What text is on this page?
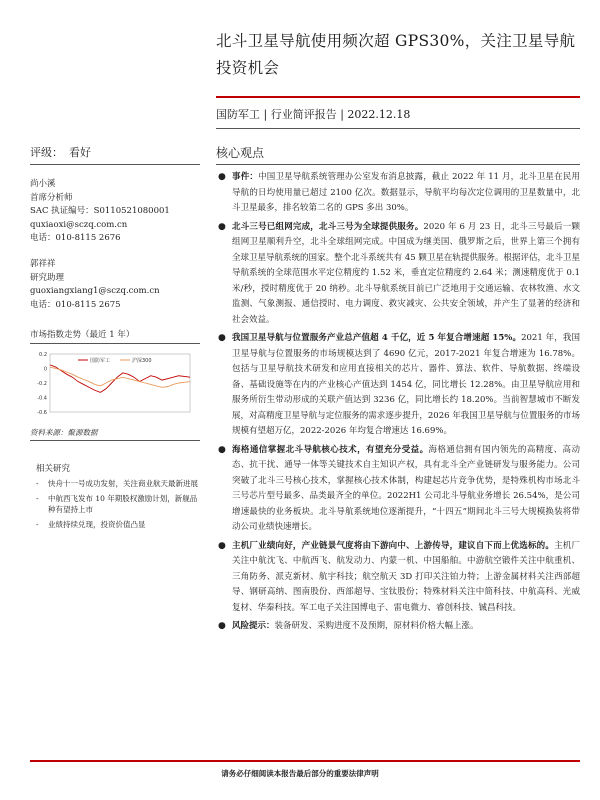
北斗卫星导航使用频次超 GPS30%，关注卫星导航投资机会
国防军工 | 行业简评报告 | 2022.12.18
评级： 看好	核心观点
尚小溪
首席分析师
SAC 执证编号：S0110521080001
quxiaoxi@sczq.com.cn
电话：010-8115 2676
郭祥祥
研究助理
guoxiangxiang1@sczq.com.cn
电话：010-8115 2675
市场指数走势（最近 1 年）
0.2
0
-0.2
-0.4
-0.6
国防军工	沪深300
资料来源：聚源数据
相关研究
- 快舟十一号成功发射，关注商业航天最新进展
- 中航西飞发布 10 年期股权激励计划，新舰品种有望持上市
- 业绩持续兑现，投资价值凸显
● 事件：中国卫星导航系统管理办公室发布消息披露，截止 2022 年 11 月，北斗卫星在民用导航的日均使用量已超过 2100 亿次。数据显示，导航平均每次定位调用的卫星数量中，北斗卫星最多，排名较第二名的 GPS 多出 30%。
● 北斗三号已组网完成，北斗三号为全球提供服务。2020 年 6 月 23 日，北斗三号最后一颗组网卫星顺利升空，北斗全球组网完成。中国成为继美国、俄罗斯之后，世界上第三个拥有全球卫星导航系统的国家。整个北斗系统共有 45 颗卫星在轨提供服务。根据评估，北斗卫星导航系统的全球范围水平定位精度约 1.52 米，垂直定位精度约 2.64 米；测速精度优于 0.1 米/秒，授时精度优于 20 纳秒。北斗导航系统目前已广泛地用于交通运输、农林牧渔、水文监测、气象测报、通信授时、电力调度、救灾减灾、公共安全领域，并产生了显著的经济和社会效益。
● 我国卫星导航与位置服务产业总产值超 4 千亿，近 5 年复合增速超 15%。2021 年，我国卫星导航与位置服务的市场规模达到了 4690 亿元，2017-2021 年复合增速为 16.78%。包括与卫星导航技术研发和应用直接相关的芯片、器件、算法、软件、导航数据、终端设备、基础设施等在内的产业核心产值达到 1454 亿，同比增长 12.28%。由卫星导航应用和服务所衍生带动形成的关联产值达到 3236 亿，同比增长约 18.20%。当前智慧城市不断发展，对高精度卫星导航与定位服务的需求逐步提升，2026 年我国卫星导航与位置服务的市场规模有望超万亿，2022-2026 年均复合增速达 16.69%。
● 海格通信掌握北斗导航核心技术，有望充分受益。海格通信拥有国内领先的高精度、高动态、抗干扰、通导一体等关键技术自主知识产权，具有北斗全产业链研发与服务能力。公司突破了北斗三号核心技术，掌握核心技术体制，构建起芯片竞争优势，是特殊机构市场北斗三号芯片型号最多、品类最齐全的单位。2022H1 公司北斗导航业务增长 26.54%，是公司增速最快的业务板块。北斗导航系统地位逐渐提升，“十四五”期间北斗三号大规模换装将带动公司业绩快速增长。
● 主机厂业绩向好，产业链景气度将由下游向中、上游传导，建议自下而上优选标的。主机厂关注中航沈飞、中航西飞、航发动力、内蒙一机、中国船舶。中游航空锻件关注中航重机、三角防务、派克新材、航宇科技；航空航天 3D 打印关注铂力特；上游金属材料关注西部超导、钢研高纳、图南股份、西部超导、宝钛股份；特殊材料关注中简科技、中航高科、光威复材、华秦科技。军工电子关注国博电子、雷电微力、睿创科技、铖昌科技。
● 风险提示：装备研发、采购进度不及预期，原材料价格大幅上涨。
请务必仔细阅读本报告最后部分的重要法律声明
